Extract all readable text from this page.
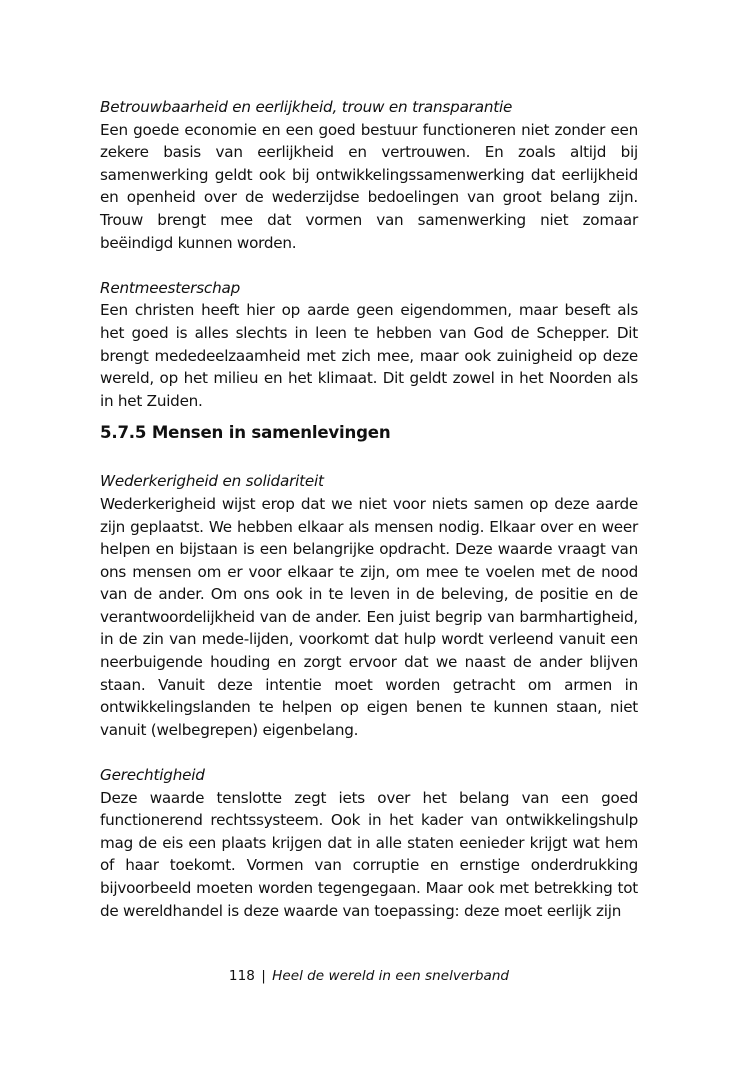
Betrouwbaarheid en eerlijkheid, trouw en transparantie

Een goede economie en een goed bestuur functioneren niet zonder een zekere basis van eerlijkheid en vertrouwen. En zoals altijd bij samenwerking geldt ook bij ontwikkelingssamenwerking dat eerlijkheid en openheid over de wederzijdse bedoelingen van groot belang zijn. Trouw brengt mee dat vormen van samenwerking niet zomaar beëindigd kunnen worden.

Rentmeesterschap

Een christen heeft hier op aarde geen eigendommen, maar beseft als het goed is alles slechts in leen te hebben van God de Schepper. Dit brengt mededeelzaamheid met zich mee, maar ook zuinigheid op deze wereld, op het milieu en het klimaat. Dit geldt zowel in het Noorden als in het Zuiden.

5.7.5 Mensen in samenlevingen

Wederkerigheid en solidariteit

Wederkerigheid wijst erop dat we niet voor niets samen op deze aarde zijn geplaatst. We hebben elkaar als mensen nodig. Elkaar over en weer helpen en bijstaan is een belangrijke opdracht. Deze waarde vraagt van ons mensen om er voor elkaar te zijn, om mee te voelen met de nood van de ander. Om ons ook in te leven in de beleving, de positie en de verantwoordelijkheid van de ander. Een juist begrip van barmhartigheid, in de zin van mede-lijden, voorkomt dat hulp wordt verleend vanuit een neerbuigende houding en zorgt ervoor dat we naast de ander blijven staan. Vanuit deze intentie moet worden getracht om armen in ontwikkelingslanden te helpen op eigen benen te kunnen staan, niet vanuit (welbegrepen) eigenbelang.

Gerechtigheid

Deze waarde tenslotte zegt iets over het belang van een goed functionerend rechtssysteem. Ook in het kader van ontwikkelingshulp mag de eis een plaats krijgen dat in alle staten eenieder krijgt wat hem of haar toekomt. Vormen van corruptie en ernstige onderdrukking bijvoorbeeld moeten worden tegengegaan. Maar ook met betrekking tot de wereldhandel is deze waarde van toepassing: deze moet eerlijk zijn

118 | Heel de wereld in een snelverband
